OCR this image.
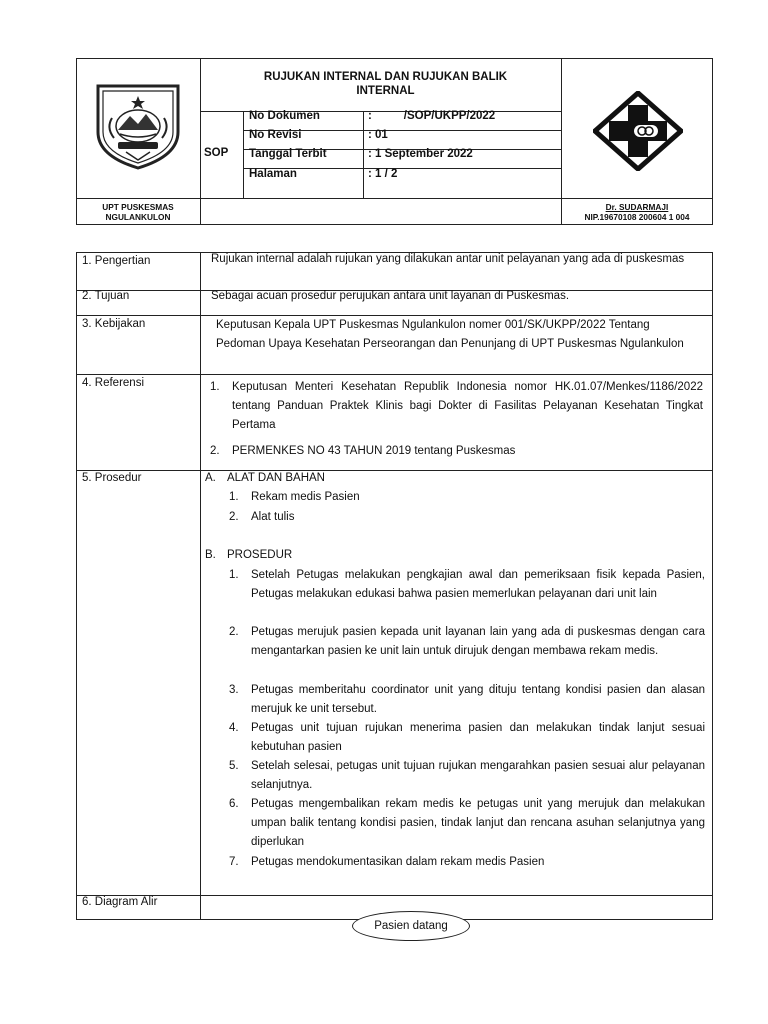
RUJUKAN INTERNAL DAN RUJUKAN BALIK INTERNAL
SOP
No Dokumen	:          /SOP/UKPP/2022
No Revisi	: 01
Tanggal Terbit	: 1 September 2022
Halaman	: 1 / 2
UPT PUSKESMAS
NGULANKULON
Dr. SUDARMAJI
NIP.19670108 200604 1 004
1. Pengertian	Rujukan internal adalah rujukan yang dilakukan antar unit pelayanan yang ada di puskesmas
2. Tujuan	Sebagai acuan prosedur perujukan antara unit layanan di Puskesmas.
3. Kebijakan	Keputusan Kepala UPT Puskesmas Ngulankulon nomer 001/SK/UKPP/2022 Tentang Pedoman Upaya Kesehatan Perseorangan dan Penunjang di UPT Puskesmas Ngulankulon
4. Referensi	1. Keputusan Menteri Kesehatan Republik Indonesia nomor HK.01.07/Menkes/1186/2022 tentang Panduan Praktek Klinis bagi Dokter di Fasilitas Pelayanan Kesehatan Tingkat Pertama
2. PERMENKES NO 43 TAHUN 2019 tentang Puskesmas
5. Prosedur	A. ALAT DAN BAHAN
1. Rekam medis Pasien
2. Alat tulis
B. PROSEDUR
1. Setelah Petugas melakukan pengkajian awal dan pemeriksaan fisik kepada Pasien, Petugas melakukan edukasi bahwa pasien memerlukan pelayanan dari unit lain
2. Petugas merujuk pasien kepada unit layanan lain yang ada di puskesmas dengan cara mengantarkan pasien ke unit lain untuk dirujuk dengan membawa rekam medis.
3. Petugas memberitahu coordinator unit yang dituju tentang kondisi pasien dan alasan merujuk ke unit tersebut.
4. Petugas unit tujuan rujukan menerima pasien dan melakukan tindak lanjut sesuai kebutuhan pasien
5. Setelah selesai, petugas unit tujuan rujukan mengarahkan pasien sesuai alur pelayanan selanjutnya.
6. Petugas mengembalikan rekam medis ke petugas unit yang merujuk dan melakukan umpan balik tentang kondisi pasien, tindak lanjut dan rencana asuhan selanjutnya yang diperlukan
7. Petugas mendokumentasikan dalam rekam medis Pasien
6. Diagram Alir
Pasien datang
